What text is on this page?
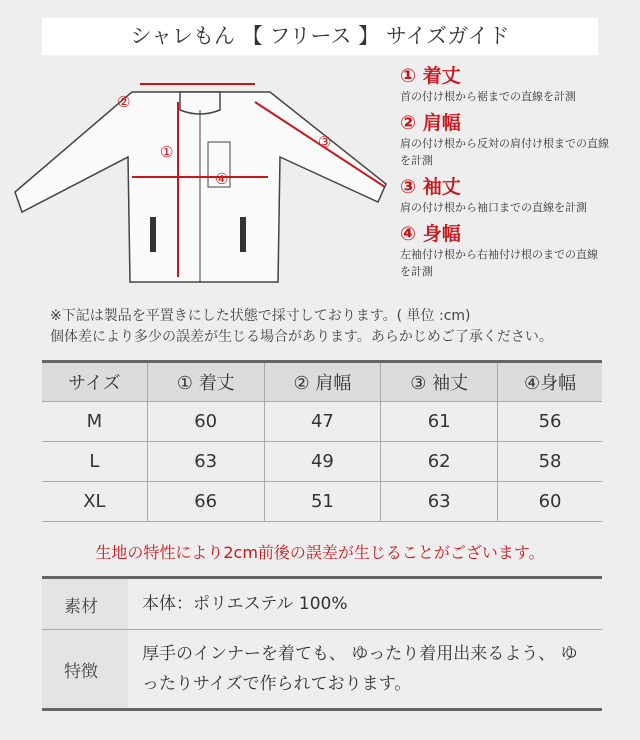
シャレもん 【 フリース 】 サイズガイド
①
②
③
④
① 着丈
首の付け根から裾までの直線を計測
② 肩幅
肩の付け根から反対の肩付け根までの直線を計測
③ 袖丈
肩の付け根から袖口までの直線を計測
④ 身幅
左袖付け根から右袖付け根のまでの直線を計測
※下記は製品を平置きにした状態で採寸しております。( 単位 :cm)
個体差により多少の誤差が生じる場合があります。あらかじめご了承ください。
サイズ	① 着丈	② 肩幅	③ 袖丈	④身幅
M	60	47	61	56
L	63	49	62	58
XL	66	51	63	60
生地の特性により2cm前後の誤差が生じることがございます。
素材	本体：ポリエステル 100%
特徴	厚手のインナーを着ても、 ゆったり着用出来るよう、 ゆったりサイズで作られております。
